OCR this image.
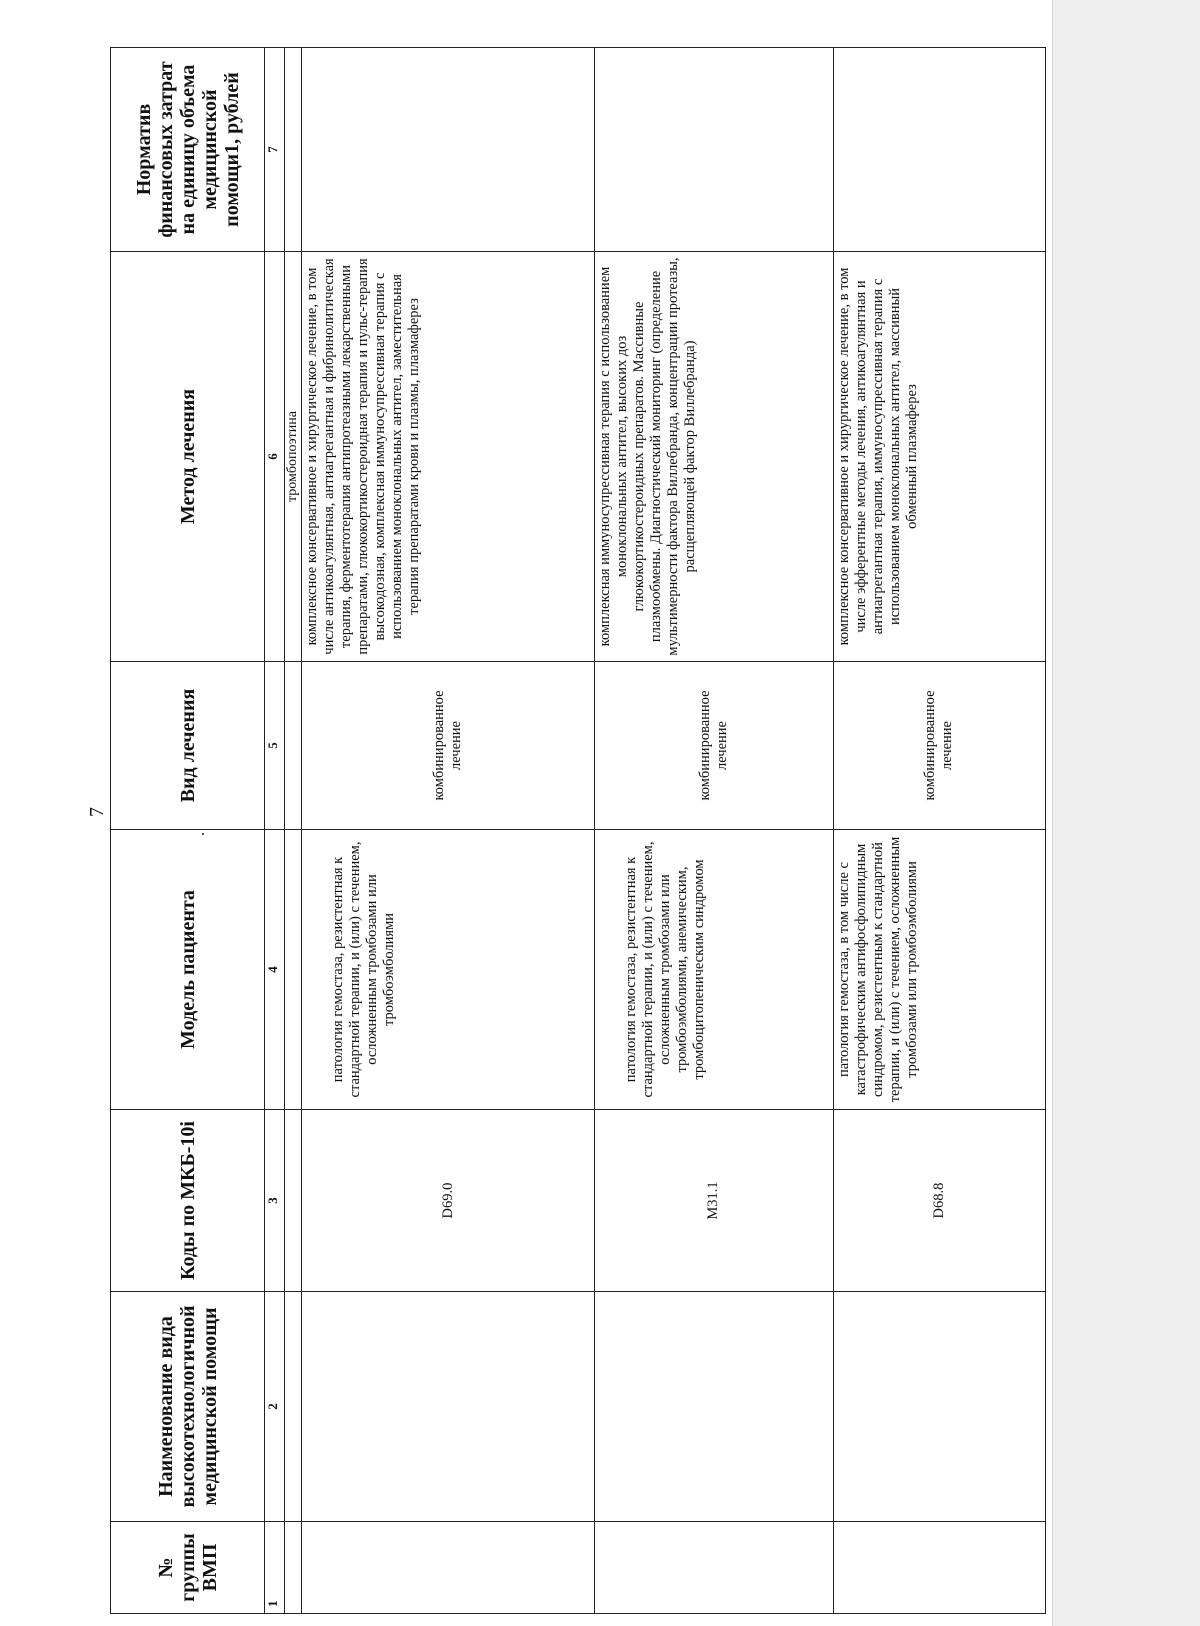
7
№ группы ВМП	Наименование вида высокотехнологичной медицинской помощи	Коды по МКБ-10i	Модель пациента	Вид лечения	Метод лечения	Норматив финансовых затрат на единицу объема медицинской помощи1, рублей
1	2	3	4	5	6	7
					тромбопоэтина	
		D69.0	патология гемостаза, резистентная к стандартной терапии, и (или) с течением, осложненным тромбозами или тромбоэмболиями	комбинированное лечение	комплексное консервативное и хирургическое лечение, в том числе антикоагулянтная, антиагрегантная и фибринолитическая терапия, ферментотерапия антипротеазными лекарственными препаратами, глюкокортикостероидная терапия и пульс-терапия высокодозная, комплексная иммуносупрессивная терапия с использованием моноклональных антител, заместительная терапия препаратами крови и плазмы, плазмаферез	
		M31.1	патология гемостаза, резистентная к стандартной терапии, и (или) с течением, осложненным тромбозами или тромбоэмболиями, анемическим, тромбоцитопеническим синдромом	комбинированное лечение	комплексная иммуносупрессивная терапия с использованием моноклональных антител, высоких доз глюкокортикостероидных препаратов. Массивные плазмообмены. Диагностический мониторинг (определение мультимерности фактора Виллебранда, концентрации протеазы, расщепляющей фактор Виллебранда)	
		D68.8	патология гемостаза, в том числе с катастрофическим антифосфолипидным синдромом, резистентным к стандартной терапии, и (или) с течением, осложненным тромбозами или тромбоэмболиями	комбинированное лечение	комплексное консервативное и хирургическое лечение, в том числе эфферентные методы лечения, антикоагулянтная и антиагрегантная терапия, иммуносупрессивная терапия с использованием моноклональных антител, массивный обменный плазмаферез	
